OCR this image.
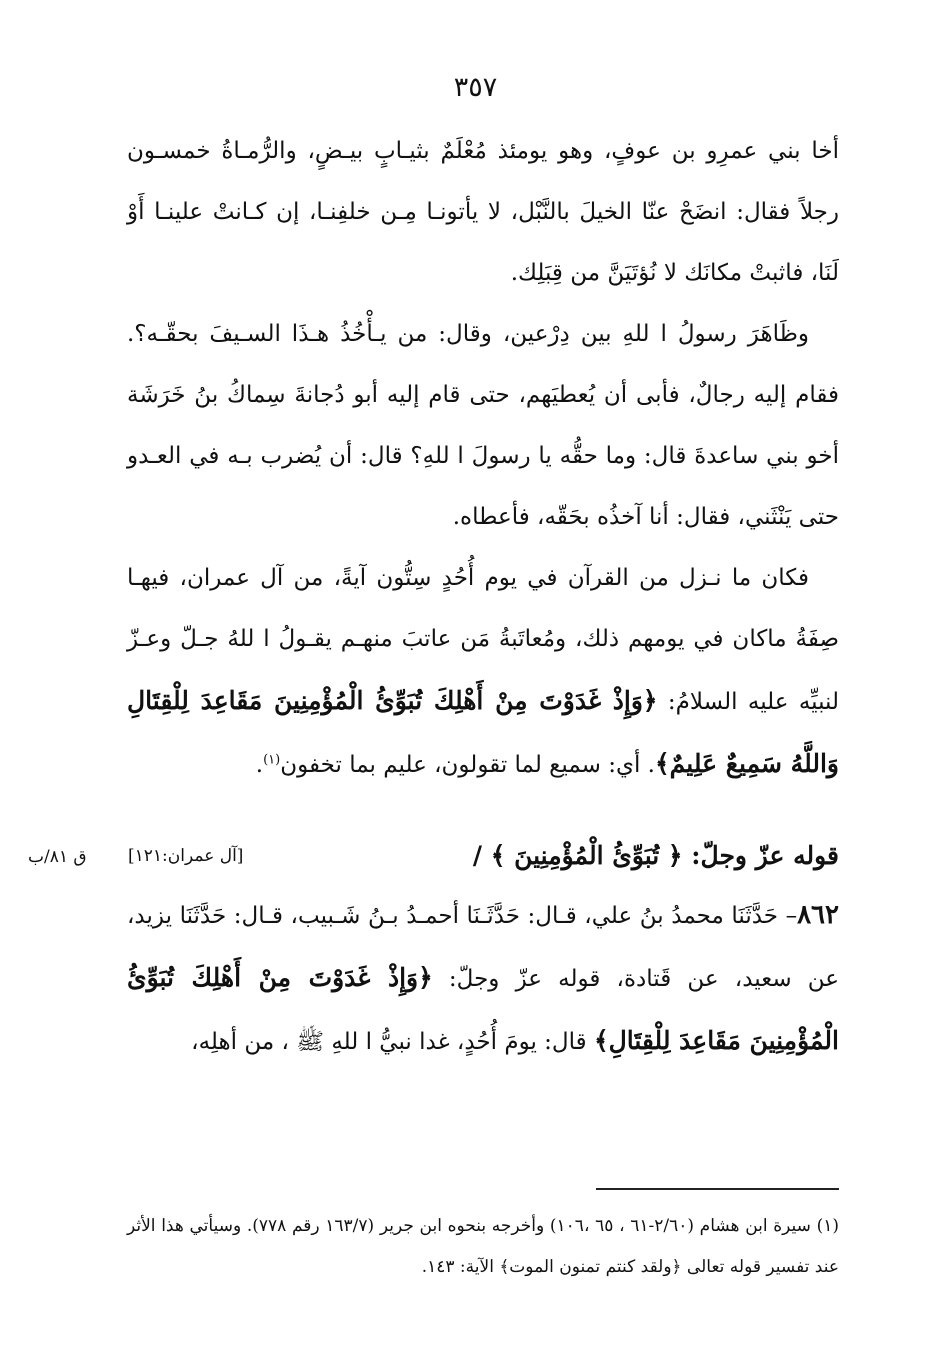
٣٥٧

أخا بني عمرِو بن عوفٍ، وهو يومئذ مُعْلَمٌ بثيـابٍ بيـضٍ، والرُّمـاةُ خمسـون رجلاً فقال: انضَحْ عنّا الخيلَ بالنَّبْل، لا يأتونـا مِـن خلفِنـا، إن كـانتْ علينـا أَوْ لَنَا، فاثبتْ مكانَك لا نُؤتَيَنَّ من قِبَلِك.

وظَاهَرَ رسولُ ا للهِ بين دِرْعين، وقال: من يـأْخُذُ هـذَا السـيفَ بحقّـه؟. فقام إليه رجالٌ، فأبى أن يُعطيَهم، حتى قام إليه أبو دُجانةَ سِماكُ بنُ خَرَشَة أخو بني ساعدةَ قال: وما حقُّه يا رسولَ ا للهِ؟ قال: أن يُضرب بـه في العـدو حتى يَنْثَني، فقال: أنا آخذُه بحَقّه، فأعطاه.

فكان ما نـزل من القرآن في يوم أُحُدٍ سِتُّون آيةً، من آل عمران، فيهـا صِفَةُ ماكان في يومهم ذلك، ومُعاتَبةُ مَن عاتبَ منهـم يقـولُ ا للهُ جـلّ وعـزّ لنبيِّه عليه السلامُ: ﴿وَإِذْ غَدَوْتَ مِنْ أَهْلِكَ تُبَوِّئُ الْمُؤْمِنِينَ مَقَاعِدَ لِلْقِتَالِ وَاللَّهُ سَمِيعٌ عَلِيمٌ﴾. أي: سميع لما تقولون، عليم بما تخفون$^{(١)}$.

قوله عزّ وجلّ: ﴿ تُبَوِّئُ الْمُؤْمِنِينَ ﴾ /
[آل عمران:١٢١]
ق ٨١/ب

٨٦٢– حَدَّثَنَا محمدُ بنُ علي، قـال: حَدَّثَـنَا أحمـدُ بـنُ شَـبيب، قـال: حَدَّثَنَا يزيد، عن سعيد، عن قَتادة، قوله عزّ وجلّ: ﴿وَإِذْ غَدَوْتَ مِنْ أَهْلِكَ تُبَوِّئُ الْمُؤْمِنِينَ مَقَاعِدَ لِلْقِتَالِ﴾ قال: يومَ أُحُدٍ، غدا نبيُّ ا للهِ ﷺ ، من أهلِه،

(١) سيرة ابن هشام (٢/٦٠-٦١ ، ٦٥ ،١٠٦) وأخرجه بنحوه ابن جرير (١٦٣/٧ رقم ٧٧٨). وسيأتي هذا الأثر عند تفسير قوله تعالى ﴿ولقد كنتم تمنون الموت﴾ الآية: ١٤٣.
